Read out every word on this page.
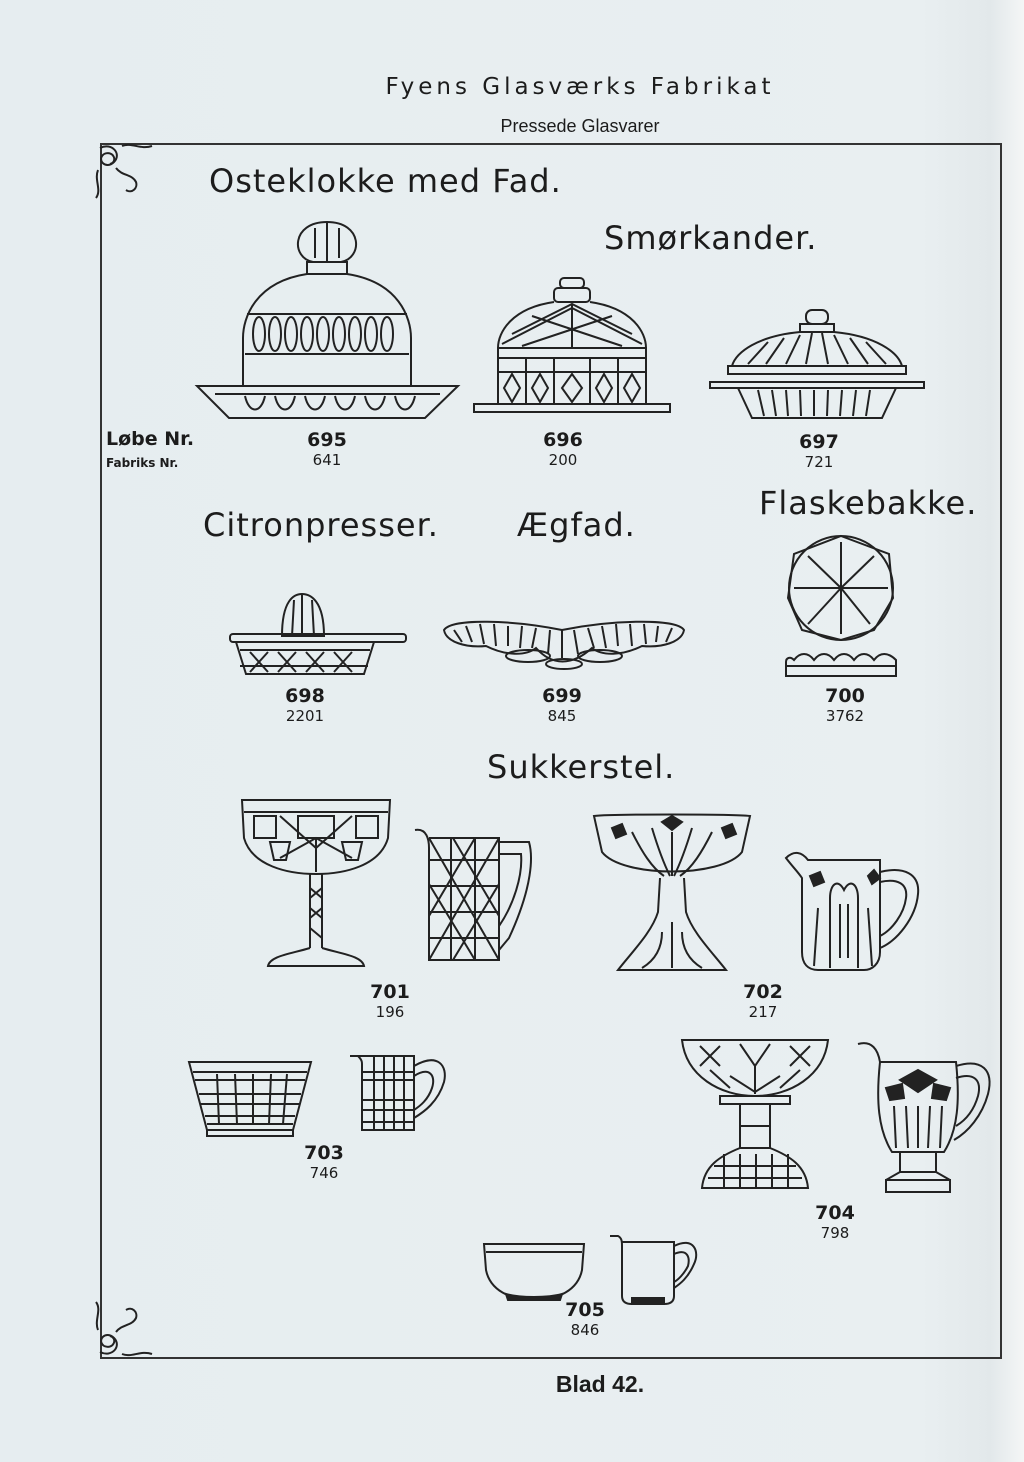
Fyens Glasværks Fabrikat
Pressede Glasvarer
Osteklokke med Fad.
Smørkander.
Citronpresser. Ægfad.
Flaskebakke.
Sukkerstel.
Løbe Nr.
Fabriks Nr.
695
641
696
200
697
721
698
2201
699
845
700
3762
701
196
702
217
703
746
704
798
705
846
Blad 42.
